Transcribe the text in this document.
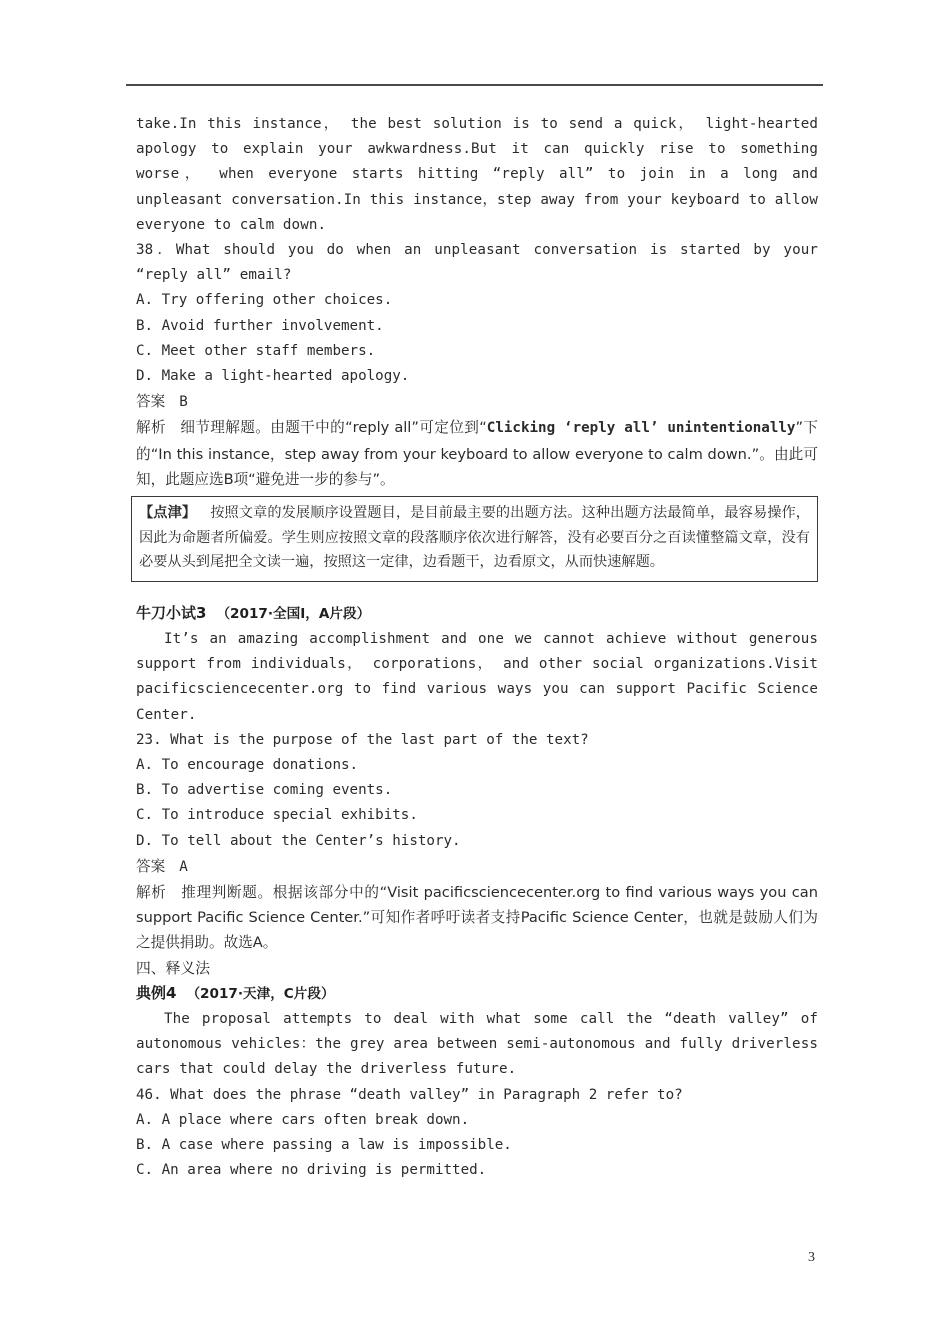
take.In this instance， the best solution is to send a quick， light-hearted apology to explain your awkwardness.But it can quickly rise to something worse， when everyone starts hitting “reply all” to join in a long and unpleasant conversation.In this instance，step away from your keyboard to allow everyone to calm down.

38．What should you do when an unpleasant conversation is started by your “reply all” email?

A. Try offering other choices.

B. Avoid further involvement.

C. Meet other staff members.

D. Make a light-hearted apology.

答案 B

解析 细节理解题。由题干中的“reply all”可定位到“Clicking ‘reply all’ unintentionally”下的“In this instance，step away from your keyboard to allow everyone to calm down.”。由此可知，此题应选B项“避免进一步的参与”。

【点津】 按照文章的发展顺序设置题目，是目前最主要的出题方法。这种出题方法最简单，最容易操作，因此为命题者所偏爱。学生则应按照文章的段落顺序依次进行解答，没有必要百分之百读懂整篇文章，没有必要从头到尾把全文读一遍，按照这一定律，边看题干，边看原文，从而快速解题。

牛刀小试3 （2017·全国Ⅰ，A片段）

It’s an amazing accomplishment and one we cannot achieve without generous support from individuals， corporations， and other social organizations.Visit pacificsciencecenter.org to find various ways you can support Pacific Science Center.

23. What is the purpose of the last part of the text?

A. To encourage donations.

B. To advertise coming events.

C. To introduce special exhibits.

D. To tell about the Center’s history.

答案 A

解析 推理判断题。根据该部分中的“Visit pacificsciencecenter.org to find various ways you can support Pacific Science Center.”可知作者呼吁读者支持Pacific Science Center，也就是鼓励人们为之提供捐助。故选A。

四、释义法

典例4 （2017·天津，C片段）

The proposal attempts to deal with what some call the “death valley” of autonomous vehicles：the grey area between semi-autonomous and fully driverless cars that could delay the driverless future.

46. What does the phrase “death valley” in Paragraph 2 refer to?

A. A place where cars often break down.

B. A case where passing a law is impossible.

C. An area where no driving is permitted.

3
